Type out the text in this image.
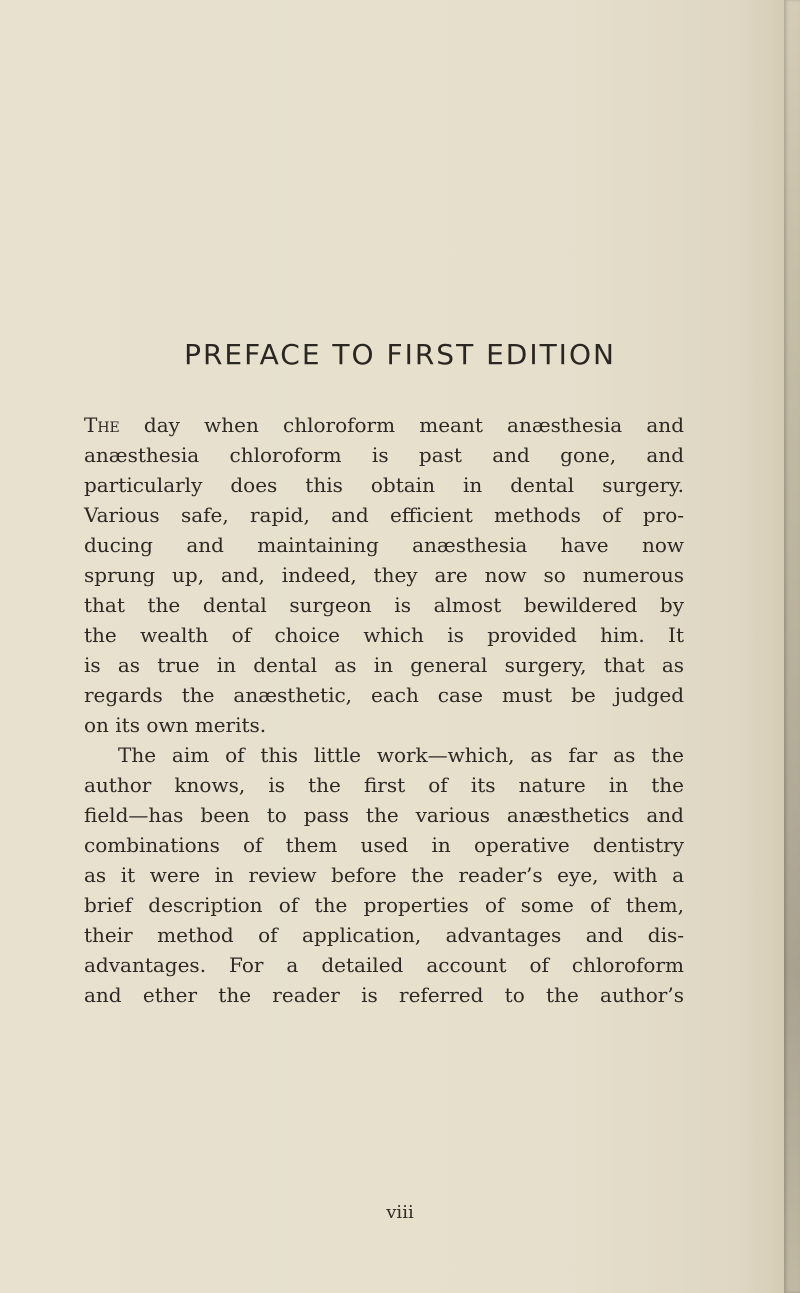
PREFACE TO FIRST EDITION

The day when chloroform meant anæsthesia and
anæsthesia chloroform is past and gone, and
particularly does this obtain in dental surgery.
Various safe, rapid, and efficient methods of pro-
ducing and maintaining anæsthesia have now
sprung up, and, indeed, they are now so numerous
that the dental surgeon is almost bewildered by
the wealth of choice which is provided him. It
is as true in dental as in general surgery, that as
regards the anæsthetic, each case must be judged
on its own merits.

The aim of this little work—which, as far as the
author knows, is the first of its nature in the
field—has been to pass the various anæsthetics and
combinations of them used in operative dentistry
as it were in review before the reader’s eye, with a
brief description of the properties of some of them,
their method of application, advantages and dis-
advantages. For a detailed account of chloroform
and ether the reader is referred to the author’s

viii
